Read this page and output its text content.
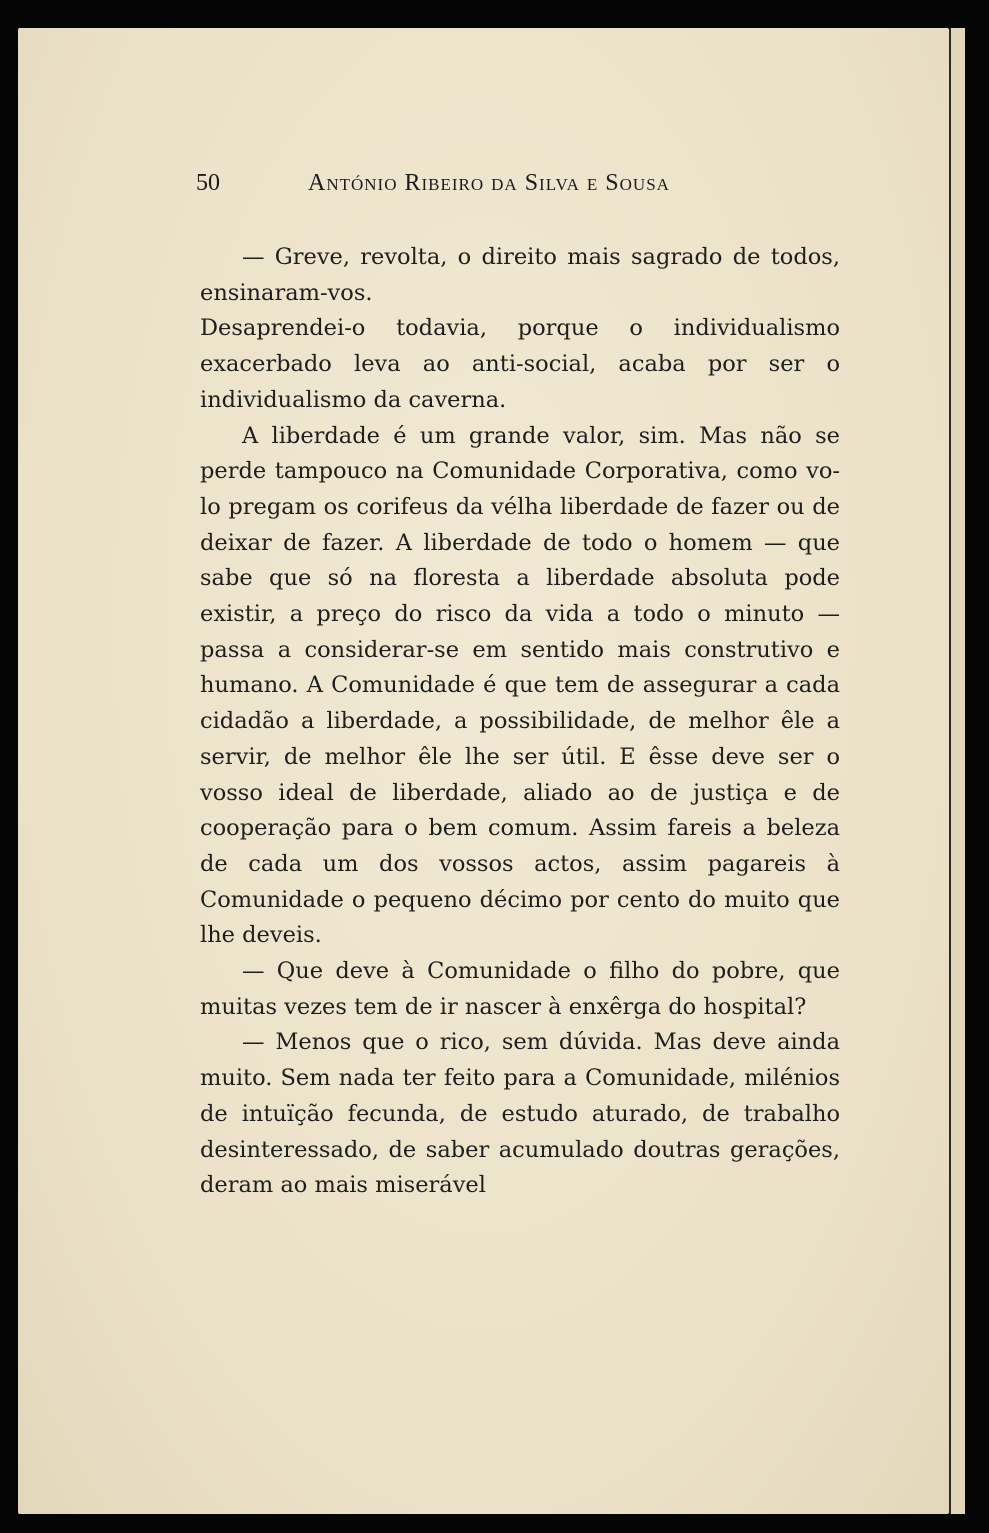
50	António Ribeiro da Silva e Sousa

— Greve, revolta, o direito mais sagrado de todos, ensinaram-vos.

Desaprendei-o todavia, porque o individualismo exacerbado leva ao anti-social, acaba por ser o individualismo da caverna.

A liberdade é um grande valor, sim. Mas não se perde tampouco na Comunidade Corporativa, como vo-lo pregam os corifeus da vélha liberdade de fazer ou de deixar de fazer. A liberdade de todo o homem — que sabe que só na floresta a liberdade absoluta pode existir, a preço do risco da vida a todo o minuto — passa a considerar-se em sentido mais construtivo e humano. A Comunidade é que tem de assegurar a cada cidadão a liberdade, a possibilidade, de melhor êle a servir, de melhor êle lhe ser útil. E êsse deve ser o vosso ideal de liberdade, aliado ao de justiça e de cooperação para o bem comum. Assim fareis a beleza de cada um dos vossos actos, assim pagareis à Comunidade o pequeno décimo por cento do muito que lhe deveis.

— Que deve à Comunidade o filho do pobre, que muitas vezes tem de ir nascer à enxêrga do hospital?

— Menos que o rico, sem dúvida. Mas deve ainda muito. Sem nada ter feito para a Comunidade, milénios de intuïção fecunda, de estudo aturado, de trabalho desinteressado, de saber acumulado doutras gerações, deram ao mais miserável
